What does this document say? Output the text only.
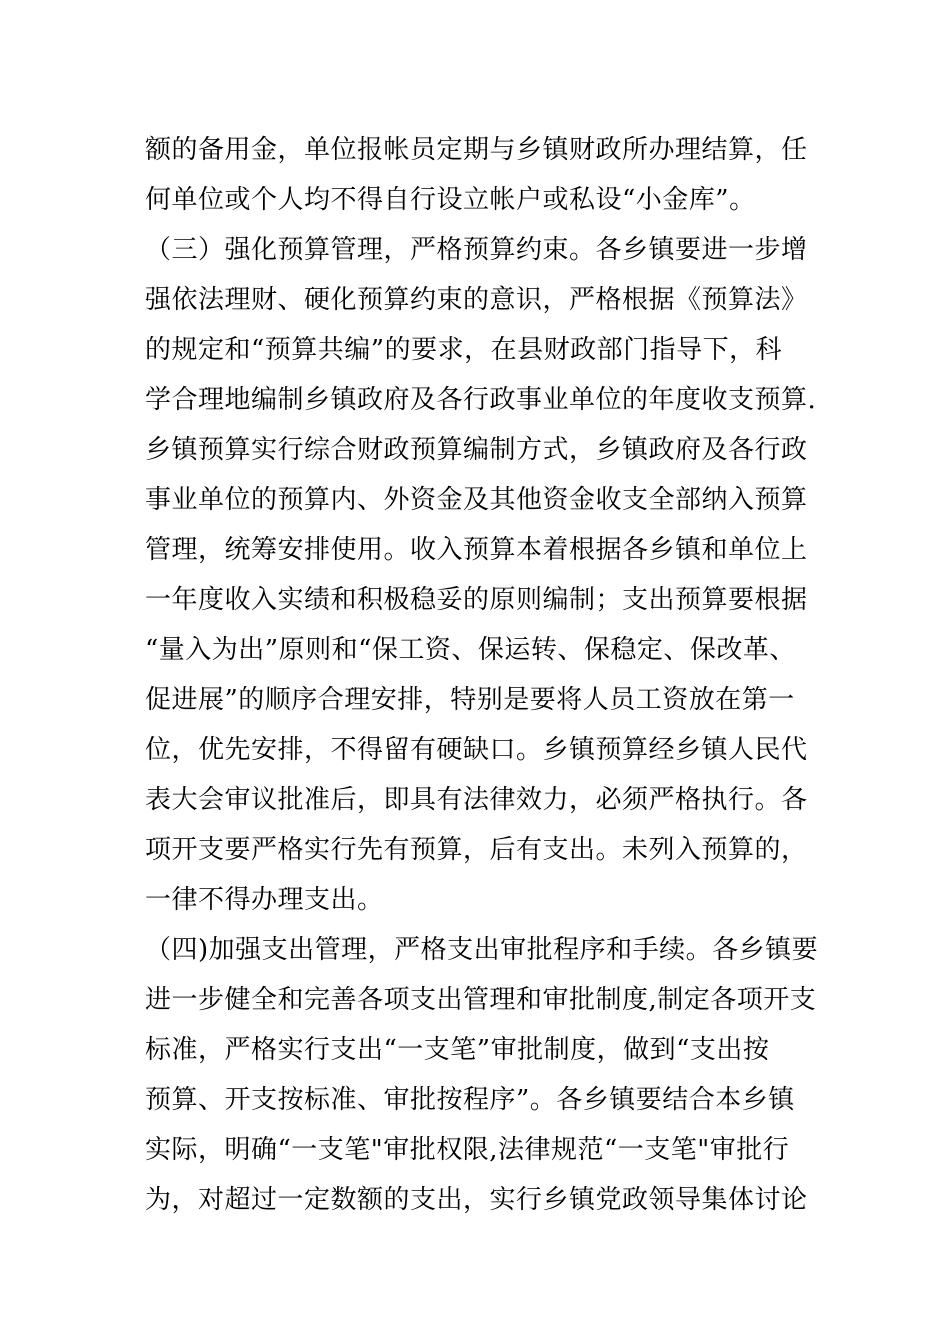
额的备用金，单位报帐员定期与乡镇财政所办理结算，任
何单位或个人均不得自行设立帐户或私设“小金库”。
（三）强化预算管理，严格预算约束。各乡镇要进一步增
强依法理财、硬化预算约束的意识，严格根据《预算法》
的规定和“预算共编”的要求，在县财政部门指导下，科
学合理地编制乡镇政府及各行政事业单位的年度收支预算.
乡镇预算实行综合财政预算编制方式，乡镇政府及各行政
事业单位的预算内、外资金及其他资金收支全部纳入预算
管理，统筹安排使用。收入预算本着根据各乡镇和单位上
一年度收入实绩和积极稳妥的原则编制；支出预算要根据
“量入为出”原则和“保工资、保运转、保稳定、保改革、
促进展”的顺序合理安排，特别是要将人员工资放在第一
位，优先安排，不得留有硬缺口。乡镇预算经乡镇人民代
表大会审议批准后，即具有法律效力，必须严格执行。各
项开支要严格实行先有预算，后有支出。未列入预算的，
一律不得办理支出。
（四)加强支出管理，严格支出审批程序和手续。各乡镇要
进一步健全和完善各项支出管理和审批制度,制定各项开支
标准，严格实行支出“一支笔”审批制度，做到“支出按
预算、开支按标准、审批按程序”。各乡镇要结合本乡镇
实际，明确“一支笔"审批权限,法律规范“一支笔"审批行
为，对超过一定数额的支出，实行乡镇党政领导集体讨论
